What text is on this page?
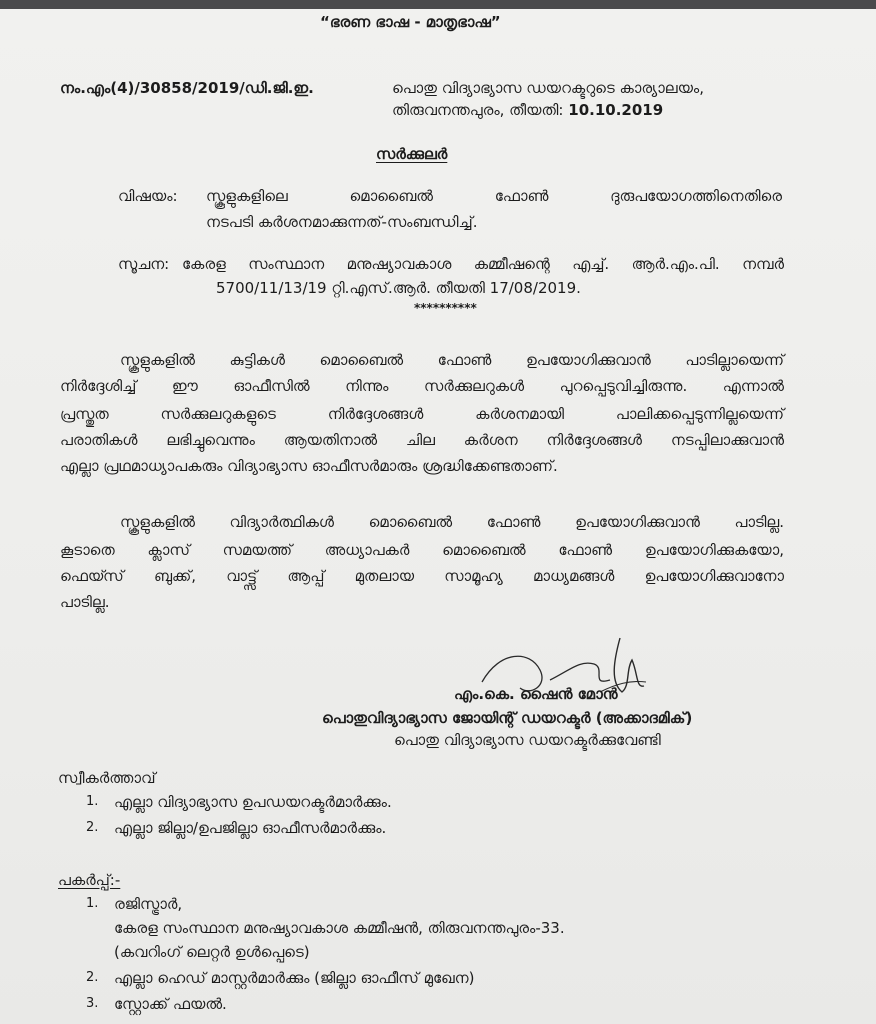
“ഭരണ ഭാഷ - മാതൃഭാഷ”
നം.എം(4)/30858/2019/ഡി.ജി.ഇ.	പൊതു വിദ്യാഭ്യാസ ഡയറക്ടറുടെ കാര്യാലയം,
തിരുവനന്തപുരം, തീയതി: 10.10.2019
സർക്കുലർ
വിഷയം: സ്കൂളുകളിലെ മൊബൈൽ ഫോൺ ദുരുപയോഗത്തിനെതിരെ
നടപടി കർശനമാക്കുന്നത്-സംബന്ധിച്ച്.
സൂചന: കേരള സംസ്ഥാന മനുഷ്യാവകാശ കമ്മീഷന്റെ എച്ച്. ആർ.എം.പി. നമ്പർ
5700/11/13/19 റ്റി.എസ്.ആർ. തീയതി 17/08/2019.
**********
സ്കൂളുകളിൽ കുട്ടികൾ മൊബൈൽ ഫോൺ ഉപയോഗിക്കുവാൻ പാടില്ലായെന്ന്
നിർദ്ദേശിച്ച് ഈ ഓഫീസിൽ നിന്നും സർക്കുലറുകൾ പുറപ്പെടുവിച്ചിരുന്നു. എന്നാൽ
പ്രസ്തുത സർക്കുലറുകളുടെ നിർദ്ദേശങ്ങൾ കർശനമായി പാലിക്കപ്പെടുന്നില്ലയെന്ന്
പരാതികൾ ലഭിച്ചുവെന്നും ആയതിനാൽ ചില കർശന നിർദ്ദേശങ്ങൾ നടപ്പിലാക്കുവാൻ
എല്ലാ പ്രഥമാധ്യാപകരും വിദ്യാഭ്യാസ ഓഫീസർമാരും ശ്രദ്ധിക്കേണ്ടതാണ്.
സ്കൂളുകളിൽ വിദ്യാർത്ഥികൾ മൊബൈൽ ഫോൺ ഉപയോഗിക്കുവാൻ പാടില്ല.
കൂടാതെ ക്ലാസ് സമയത്ത് അധ്യാപകർ മൊബൈൽ ഫോൺ ഉപയോഗിക്കുകയോ,
ഫെയ്സ് ബുക്ക്, വാട്ട്സ് ആപ്പ് മുതലായ സാമൂഹ്യ മാധ്യമങ്ങൾ ഉപയോഗിക്കുവാനോ
പാടില്ല.
എം.കെ. ഷൈൻ മോൻ
പൊതുവിദ്യാഭ്യാസ ജോയിന്റ് ഡയറക്ടർ (അക്കാദമിക്)
പൊതു വിദ്യാഭ്യാസ ഡയറക്ടർക്കുവേണ്ടി
സ്വീകർത്താവ്
1. എല്ലാ വിദ്യാഭ്യാസ ഉപഡയറക്ടർമാർക്കും.
2. എല്ലാ ജില്ലാ/ഉപജില്ലാ ഓഫീസർമാർക്കും.
പകർപ്പ്:-
1. രജിസ്ട്രാർ,
കേരള സംസ്ഥാന മനുഷ്യാവകാശ കമ്മീഷൻ, തിരുവനന്തപുരം-33.
(കവറിംഗ് ലെറ്റർ ഉൾപ്പെടെ)
2. എല്ലാ ഹെഡ് മാസ്റ്റർമാർക്കും (ജില്ലാ ഓഫീസ് മുഖേന)
3. സ്റ്റോക്ക് ഫയൽ.
